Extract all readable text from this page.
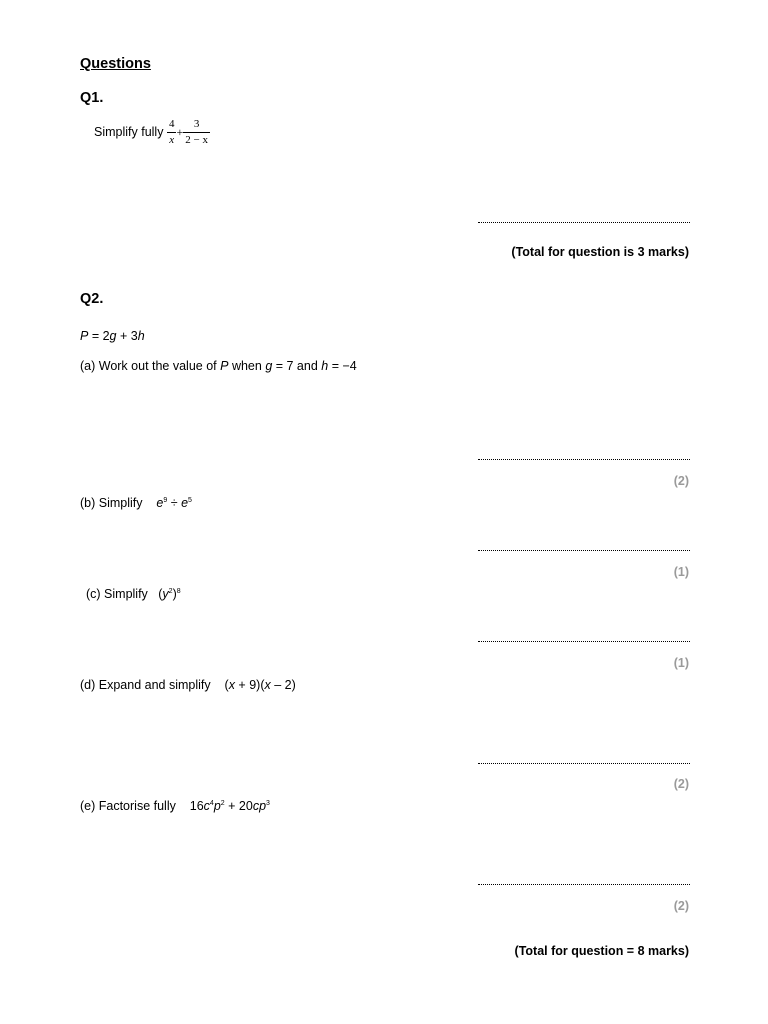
Questions
Q1.
Simplify fully $\frac{4}{x} + \frac{3}{2 - x}$
(Total for question is 3 marks)
Q2.
P = 2g + 3h
(a) Work out the value of P when g = 7 and h = −4
(2)
(b) Simplify $e^9 \div e^5$
(1)
(c) Simplify $(y^2)^8$
(1)
(d) Expand and simplify (x + 9)(x – 2)
(2)
(e) Factorise fully $16c^4p^2 + 20cp^3$
(2)
(Total for question = 8 marks)
